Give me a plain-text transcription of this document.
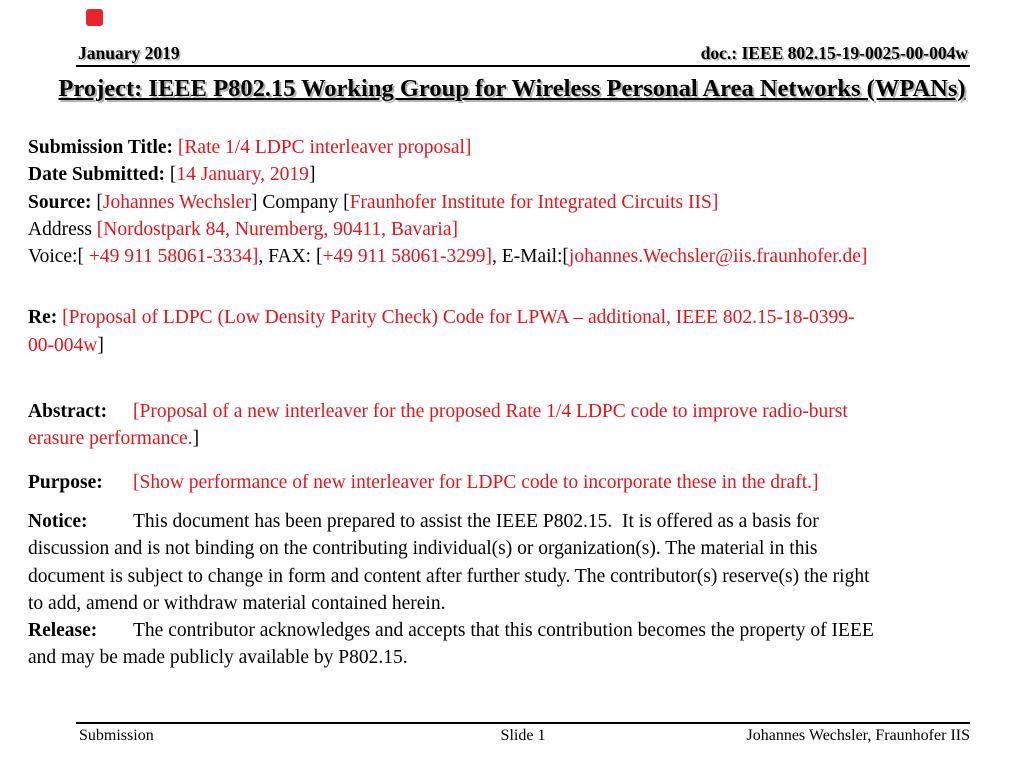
January 2019	doc.: IEEE 802.15-19-0025-00-004w
Project: IEEE P802.15 Working Group for Wireless Personal Area Networks (WPANs)
Submission Title: [Rate 1/4 LDPC interleaver proposal]
Date Submitted: [14 January, 2019]
Source: [Johannes Wechsler] Company [Fraunhofer Institute for Integrated Circuits IIS]
Address [Nordostpark 84, Nuremberg, 90411, Bavaria]
Voice:[ +49 911 58061-3334], FAX: [+49 911 58061-3299], E-Mail:[johannes.Wechsler@iis.fraunhofer.de]
Re: [Proposal of LDPC (Low Density Parity Check) Code for LPWA – additional, IEEE 802.15-18-0399-
00-004w]
Abstract: [Proposal of a new interleaver for the proposed Rate 1/4 LDPC code to improve radio-burst
erasure performance.]
Purpose: [Show performance of new interleaver for LDPC code to incorporate these in the draft.]
Notice: This document has been prepared to assist the IEEE P802.15.  It is offered as a basis for
discussion and is not binding on the contributing individual(s) or organization(s). The material in this
document is subject to change in form and content after further study. The contributor(s) reserve(s) the right
to add, amend or withdraw material contained herein.
Release: The contributor acknowledges and accepts that this contribution becomes the property of IEEE
and may be made publicly available by P802.15.
Submission	Slide 1	Johannes Wechsler, Fraunhofer IIS
